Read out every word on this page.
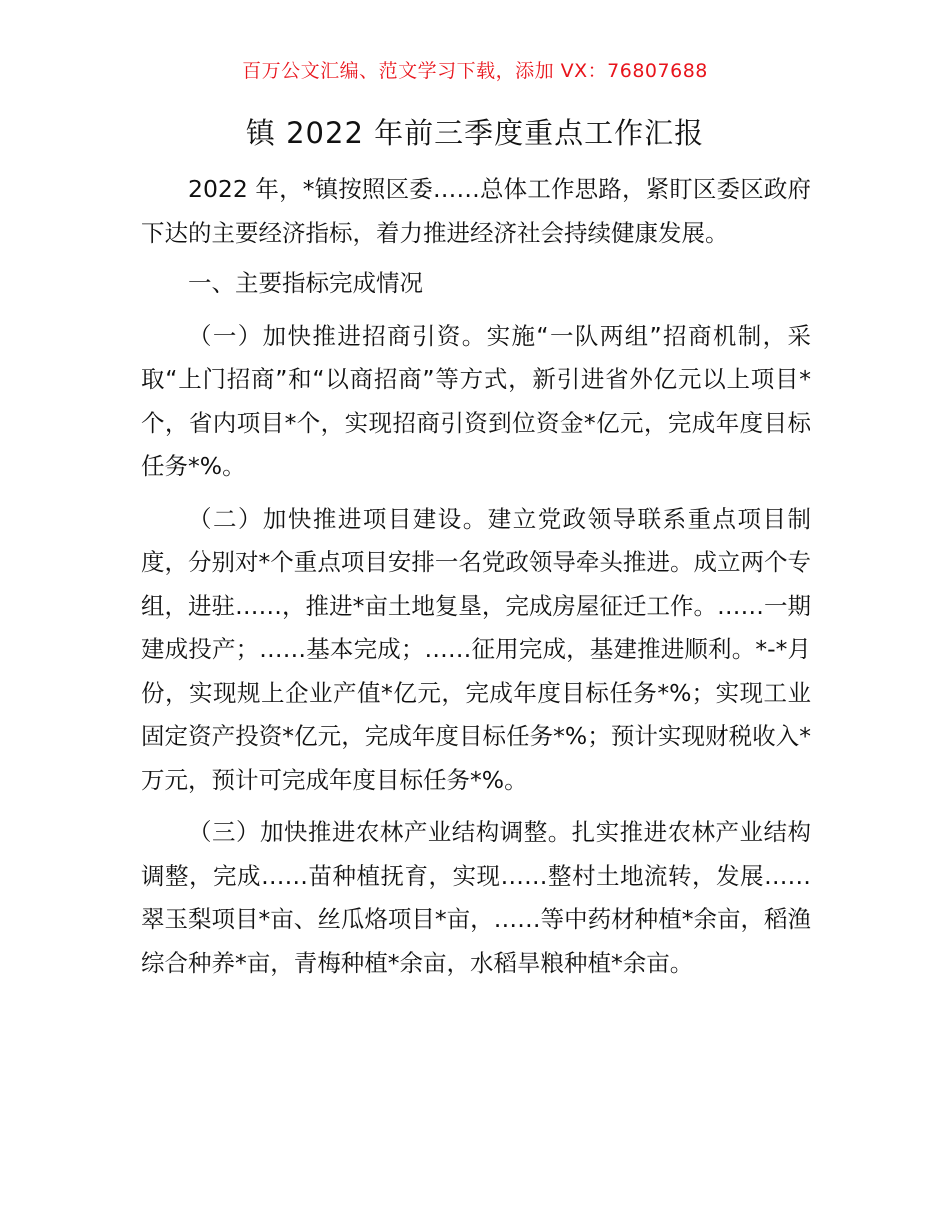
百万公文汇编、范文学习下载，添加 VX：76807688
镇 2022 年前三季度重点工作汇报

2022 年，*镇按照区委……总体工作思路，紧盯区委区政府下达的主要经济指标，着力推进经济社会持续健康发展。

一、主要指标完成情况

（一）加快推进招商引资。实施“一队两组”招商机制，采取“上门招商”和“以商招商”等方式，新引进省外亿元以上项目*个，省内项目*个，实现招商引资到位资金*亿元，完成年度目标任务*%。

（二）加快推进项目建设。建立党政领导联系重点项目制度，分别对*个重点项目安排一名党政领导牵头推进。成立两个专组，进驻……，推进*亩土地复垦，完成房屋征迁工作。……一期建成投产；……基本完成；……征用完成，基建推进顺利。*-*月份，实现规上企业产值*亿元，完成年度目标任务*%；实现工业固定资产投资*亿元，完成年度目标任务*%；预计实现财税收入*万元，预计可完成年度目标任务*%。

（三）加快推进农林产业结构调整。扎实推进农林产业结构调整，完成……苗种植抚育，实现……整村土地流转，发展……翠玉梨项目*亩、丝瓜烙项目*亩，……等中药材种植*余亩，稻渔综合种养*亩，青梅种植*余亩，水稻旱粮种植*余亩。
